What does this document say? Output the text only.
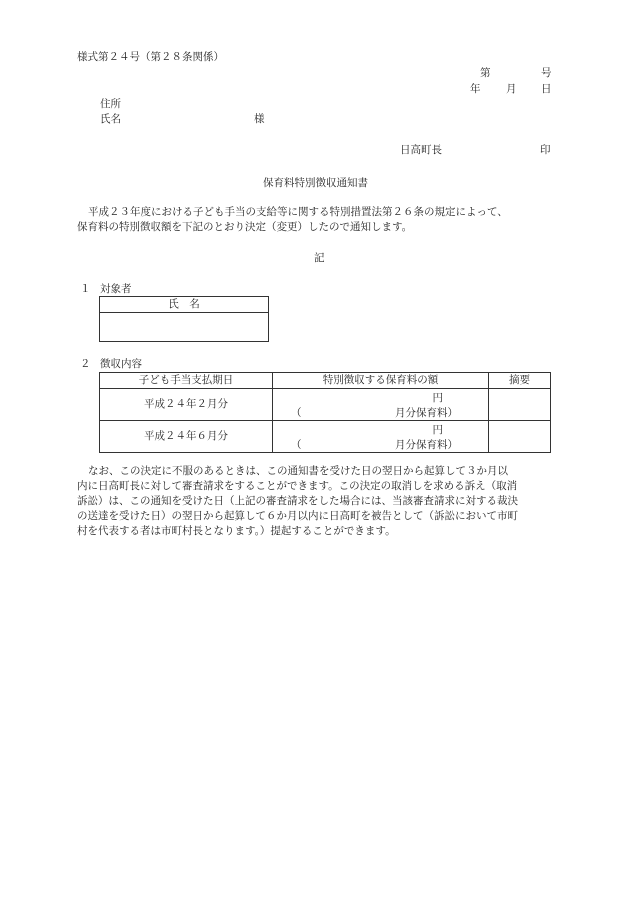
様式第２４号（第２８条関係）
第	号
年 月 日
住所
氏名	様
日高町長	印
保育料特別徴収通知書
平成２３年度における子ども手当の支給等に関する特別措置法第２６条の規定によって、
保育料の特別徴収額を下記のとおり決定（変更）したので通知します。
記
１ 対象者
氏　名

２ 徴収内容
子ども手当支払期日	特別徴収する保育料の額	摘要
平成２４年２月分	円
（ 月分保育料）	

平成２４年６月分	円
（ 月分保育料）	

なお、この決定に不服のあるときは、この通知書を受けた日の翌日から起算して３か月以
内に日高町長に対して審査請求をすることができます。この決定の取消しを求める訴え（取消
訴訟）は、この通知を受けた日（上記の審査請求をした場合には、当該審査請求に対する裁決
の送達を受けた日）の翌日から起算して６か月以内に日高町を被告として（訴訟において市町
村を代表する者は市町村長となります。）提起することができます。
